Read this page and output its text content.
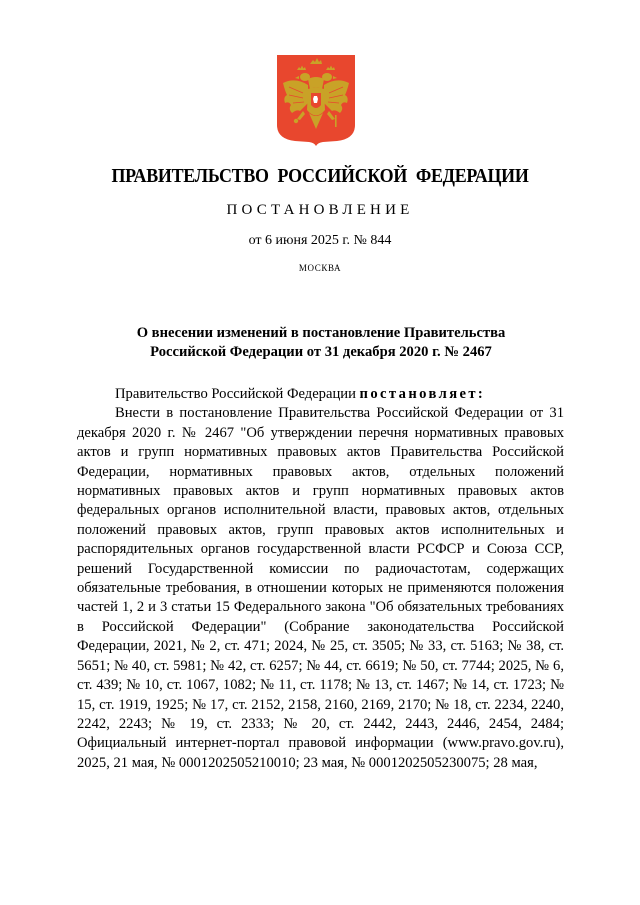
ПРАВИТЕЛЬСТВО РОССИЙСКОЙ ФЕДЕРАЦИИ
ПОСТАНОВЛЕНИЕ
от 6 июня 2025 г. № 844
МОСКВА
О внесении изменений в постановление Правительства
Российской Федерации от 31 декабря 2020 г. № 2467

Правительство Российской Федерации постановляет:

Внести в постановление Правительства Российской Федерации от 31 декабря 2020 г. № 2467 "Об утверждении перечня нормативных правовых актов и групп нормативных правовых актов Правительства Российской Федерации, нормативных правовых актов, отдельных положений нормативных правовых актов и групп нормативных правовых актов федеральных органов исполнительной власти, правовых актов, отдельных положений правовых актов, групп правовых актов исполнительных и распорядительных органов государственной власти РСФСР и Союза ССР, решений Государственной комиссии по радиочастотам, содержащих обязательные требования, в отношении которых не применяются положения частей 1, 2 и 3 статьи 15 Федерального закона "Об обязательных требованиях в Российской Федерации" (Собрание законодательства Российской Федерации, 2021, № 2, ст. 471; 2024, № 25, ст. 3505; № 33, ст. 5163; № 38, ст. 5651; № 40, ст. 5981; № 42, ст. 6257; № 44, ст. 6619; № 50, ст. 7744; 2025, № 6, ст. 439; № 10, ст. 1067, 1082; № 11, ст. 1178; № 13, ст. 1467; № 14, ст. 1723; № 15, ст. 1919, 1925; № 17, ст. 2152, 2158, 2160, 2169, 2170; № 18, ст. 2234, 2240, 2242, 2243; № 19, ст. 2333; № 20, ст. 2442, 2443, 2446, 2454, 2484; Официальный интернет-портал правовой информации (www.pravo.gov.ru), 2025, 21 мая, № 0001202505210010; 23 мая, № 0001202505230075; 28 мая,
